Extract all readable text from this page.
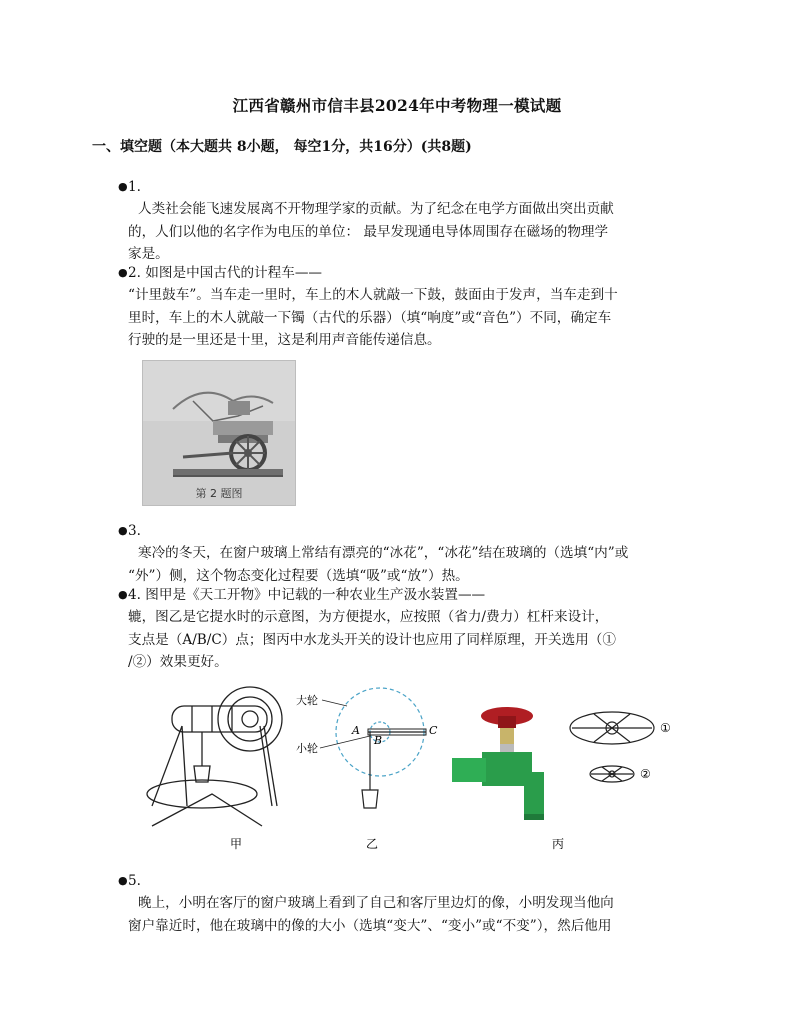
江西省赣州市信丰县2024年中考物理一模试题
一、填空题（本大题共 8小题， 每空1分，共16分）(共8题)
● 1.
人类社会能飞速发展离不开物理学家的贡献。为了纪念在电学方面做出突出贡献
的，人们以他的名字作为电压的单位： 最早发现通电导体周围存在磁场的物理学
家是。
● 2. 如图是中国古代的计程车——
“计里鼓车”。当车走一里时，车上的木人就敲一下鼓，鼓面由于发声，当车走到十
里时，车上的木人就敲一下镯（古代的乐器）（填“响度”或“音色”）不同，确定车
行驶的是一里还是十里，这是利用声音能传递信息。
第 2 题图
● 3.
寒冷的冬天，在窗户玻璃上常结有漂亮的“冰花”，“冰花”结在玻璃的（选填“内”或
“外”）侧，这个物态变化过程要（选填“吸”或“放”）热。
● 4. 图甲是《天工开物》中记载的一种农业生产汲水装置——
辘，图乙是它提水时的示意图，为方便提水，应按照（省力/费力）杠杆来设计，
支点是（A/B/C）点；图丙中水龙头开关的设计也应用了同样原理，开关选用（①
/②）效果更好。
甲
大轮
小轮
A
B
C
乙	丙
①
②
● 5.
晚上，小明在客厅的窗户玻璃上看到了自己和客厅里边灯的像，小明发现当他向
窗户靠近时，他在玻璃中的像的大小（选填“变大”、“变小”或“不变”），然后他用
